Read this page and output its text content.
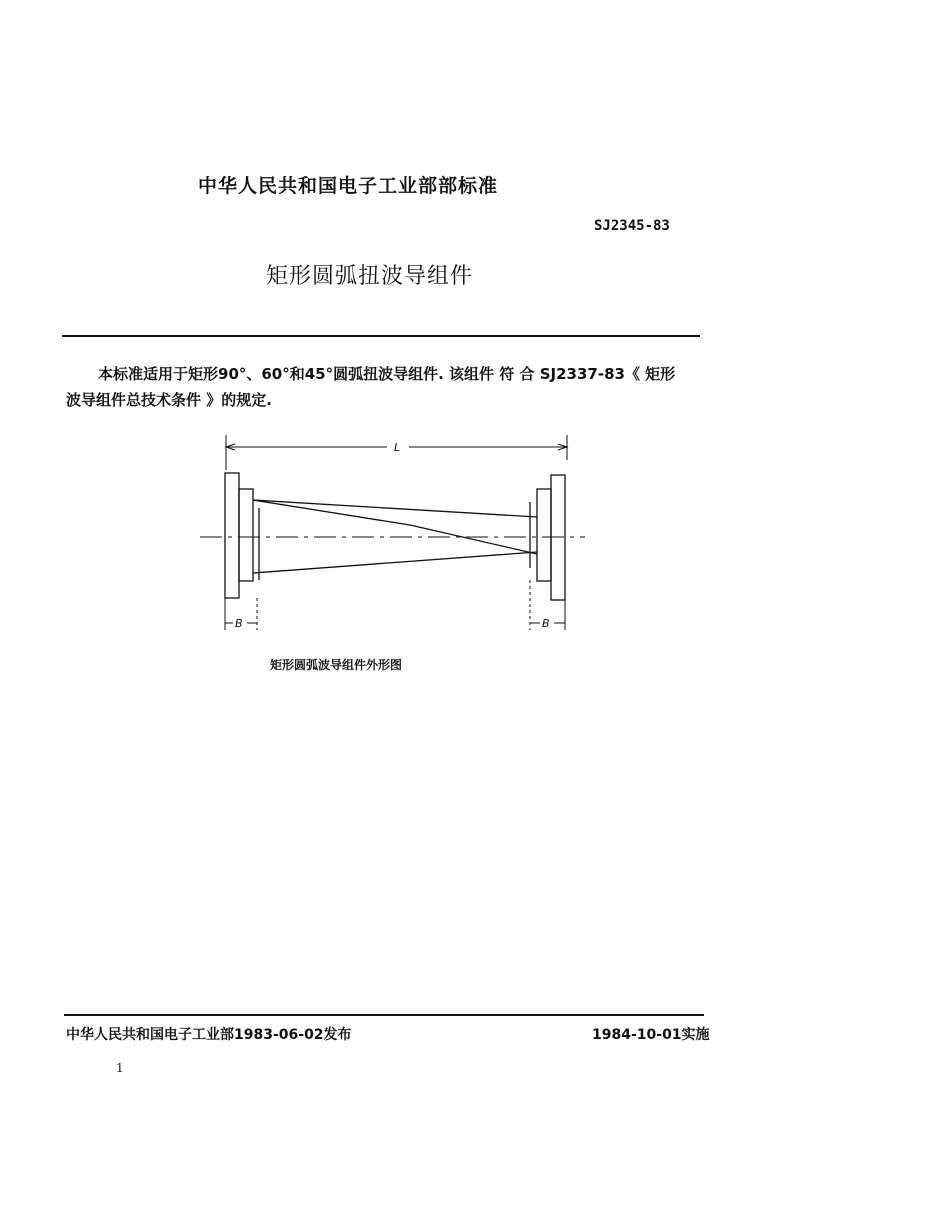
中华人民共和国电子工业部部标准
SJ2345-83
矩形圆弧扭波导组件
本标准适用于矩形90°、60°和45°圆弧扭波导组件. 该组件 符 合 SJ2337-83《 矩形
波导组件总技术条件 》的规定.
L
B	B
矩形圆弧波导组件外形图
中华人民共和国电子工业部1983-06-02发布	1984-10-01实施
1
